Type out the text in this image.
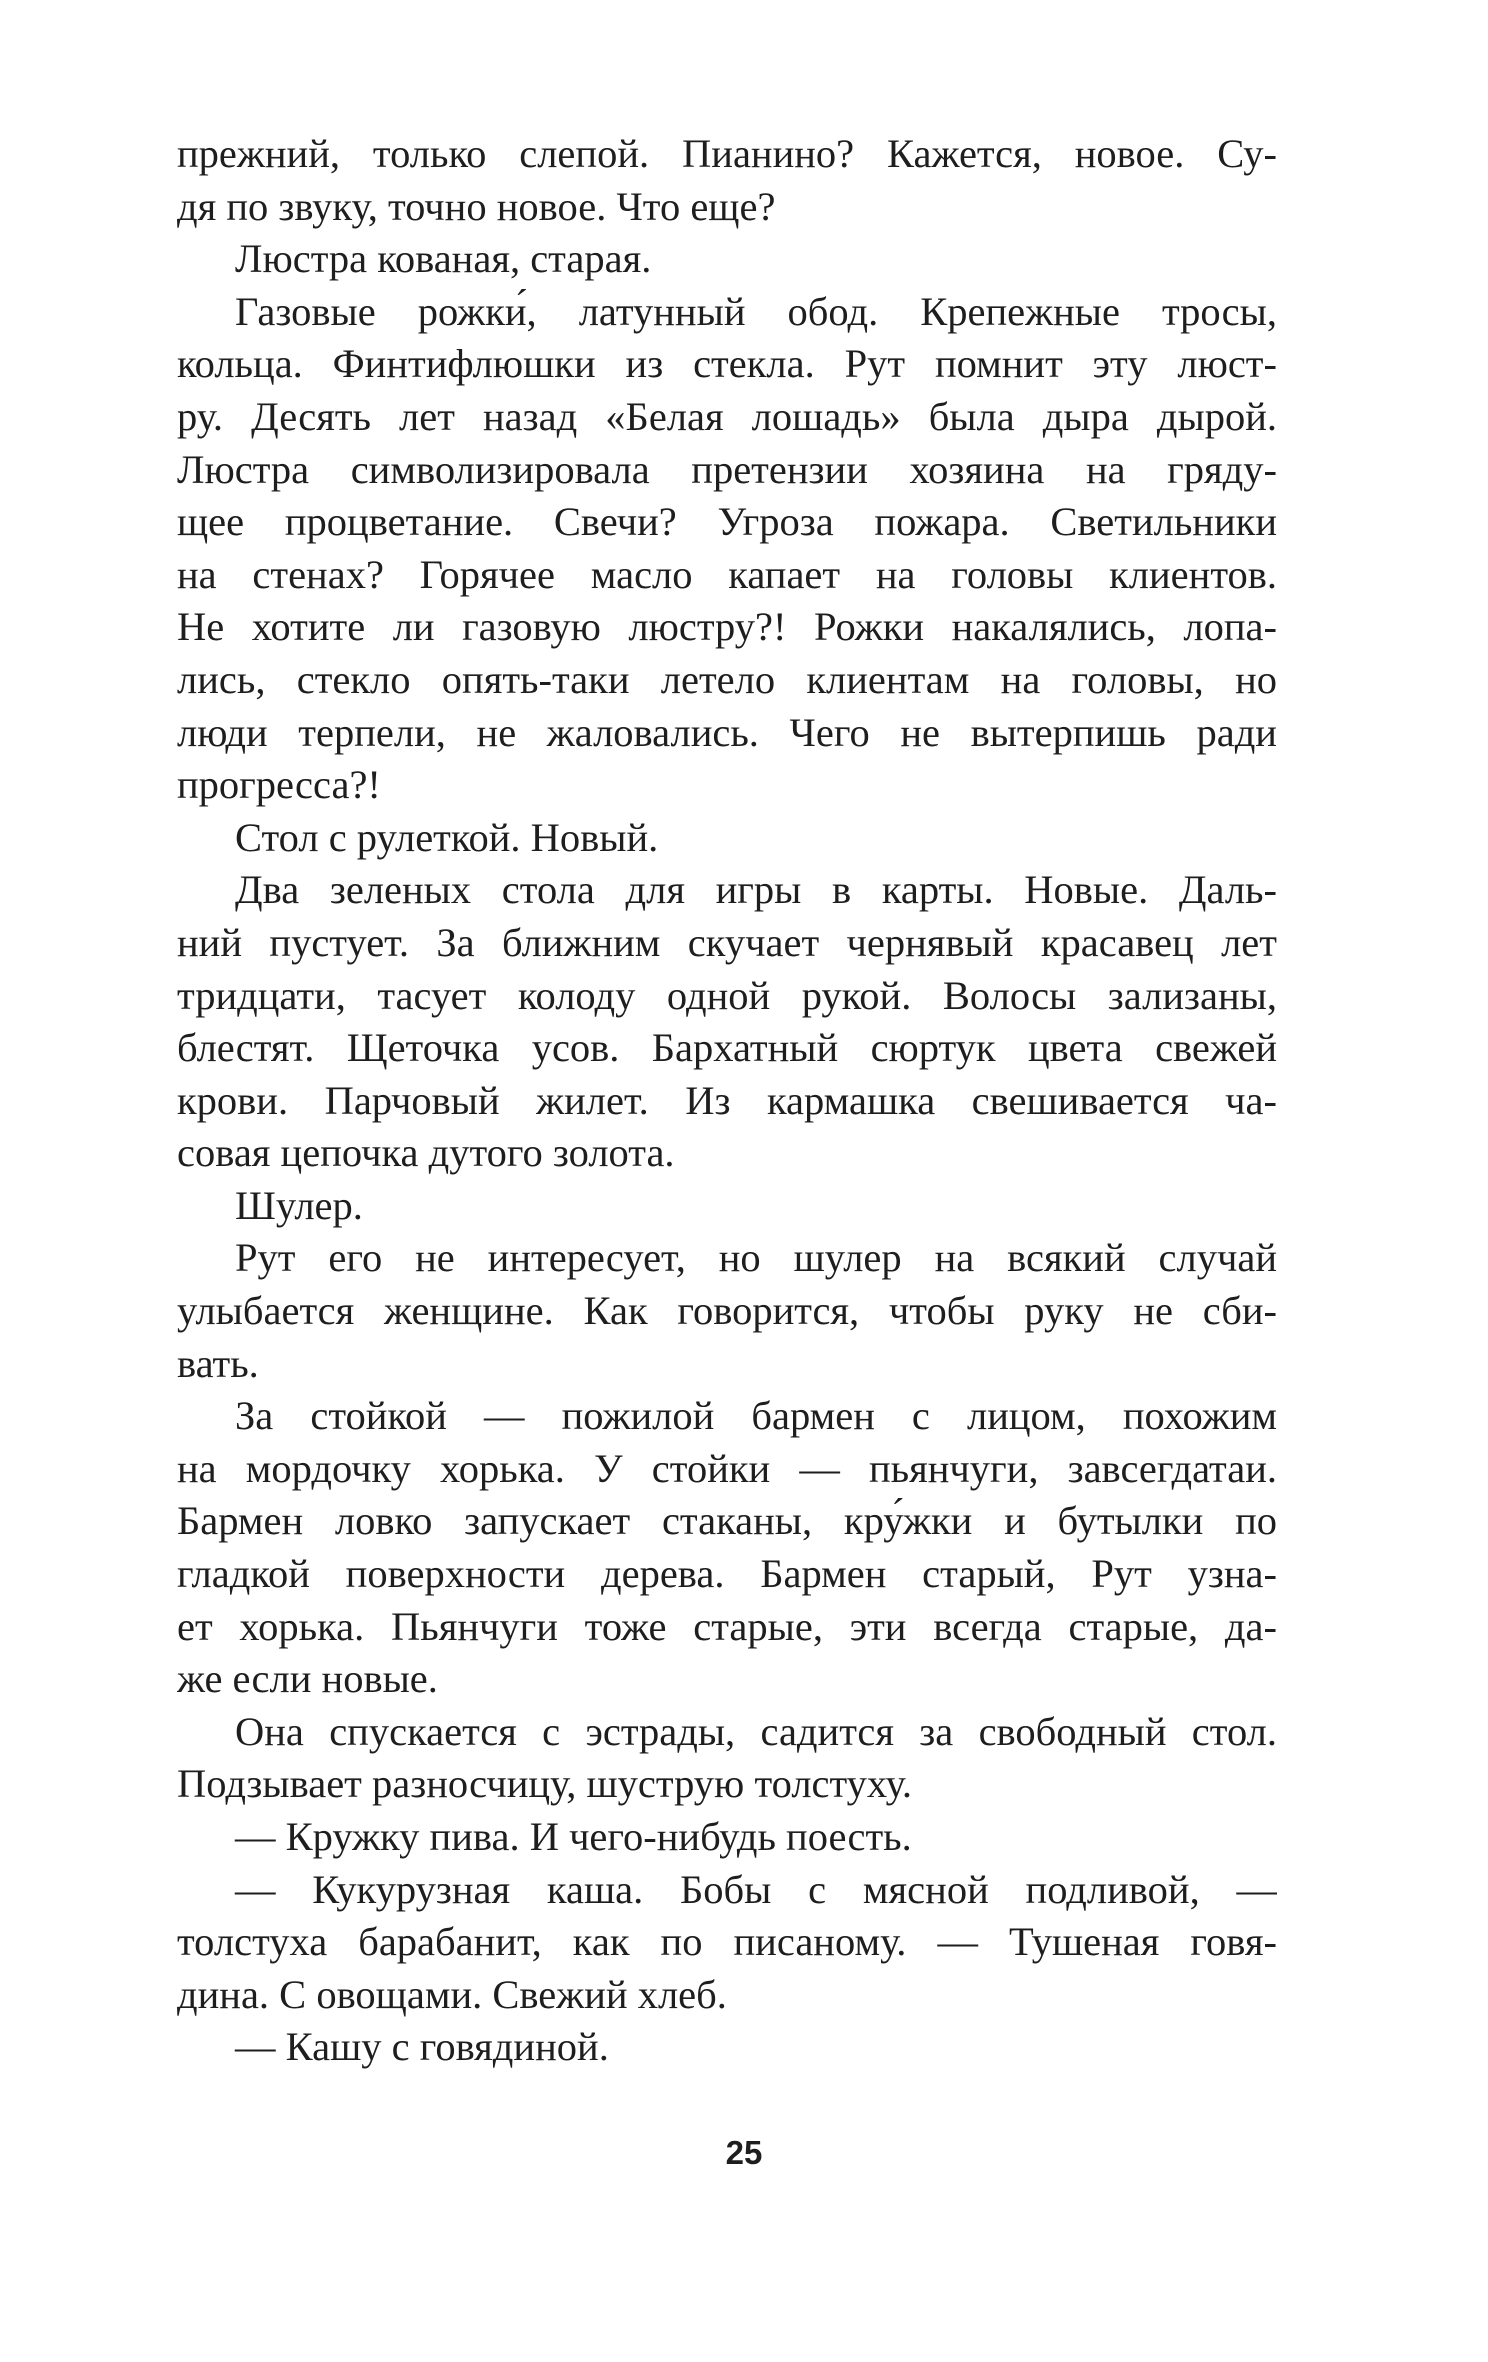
прежний, только слепой. Пианино? Кажется, новое. Су-
дя по звуку, точно новое. Что еще?
Люстра кованая, старая.
Газовые рожки́, латунный обод. Крепежные тросы,
кольца. Финтифлюшки из стекла. Рут помнит эту люст-
ру. Десять лет назад «Белая лошадь» была дыра дырой.
Люстра символизировала претензии хозяина на гряду-
щее процветание. Свечи? Угроза пожара. Светильники
на стенах? Горячее масло капает на головы клиентов.
Не хотите ли газовую люстру?! Рожки накалялись, лопа-
лись, стекло опять-таки летело клиентам на головы, но
люди терпели, не жаловались. Чего не вытерпишь ради
прогресса?!
Стол с рулеткой. Новый.
Два зеленых стола для игры в карты. Новые. Даль-
ний пустует. За ближним скучает чернявый красавец лет
тридцати, тасует колоду одной рукой. Волосы зализаны,
блестят. Щеточка усов. Бархатный сюртук цвета свежей
крови. Парчовый жилет. Из кармашка свешивается ча-
совая цепочка дутого золота.
Шулер.
Рут его не интересует, но шулер на всякий случай
улыбается женщине. Как говорится, чтобы руку не сби-
вать.
За стойкой — пожилой бармен с лицом, похожим
на мордочку хорька. У стойки — пьянчуги, завсегдатаи.
Бармен ловко запускает стаканы, кру́жки и бутылки по
гладкой поверхности дерева. Бармен старый, Рут узна-
ет хорька. Пьянчуги тоже старые, эти всегда старые, да-
же если новые.
Она спускается с эстрады, садится за свободный стол.
Подзывает разносчицу, шуструю толстуху.
— Кружку пива. И чего-нибудь поесть.
— Кукурузная каша. Бобы с мясной подливой, —
толстуха барабанит, как по писаному. — Тушеная говя-
дина. С овощами. Свежий хлеб.
— Кашу с говядиной.
25
